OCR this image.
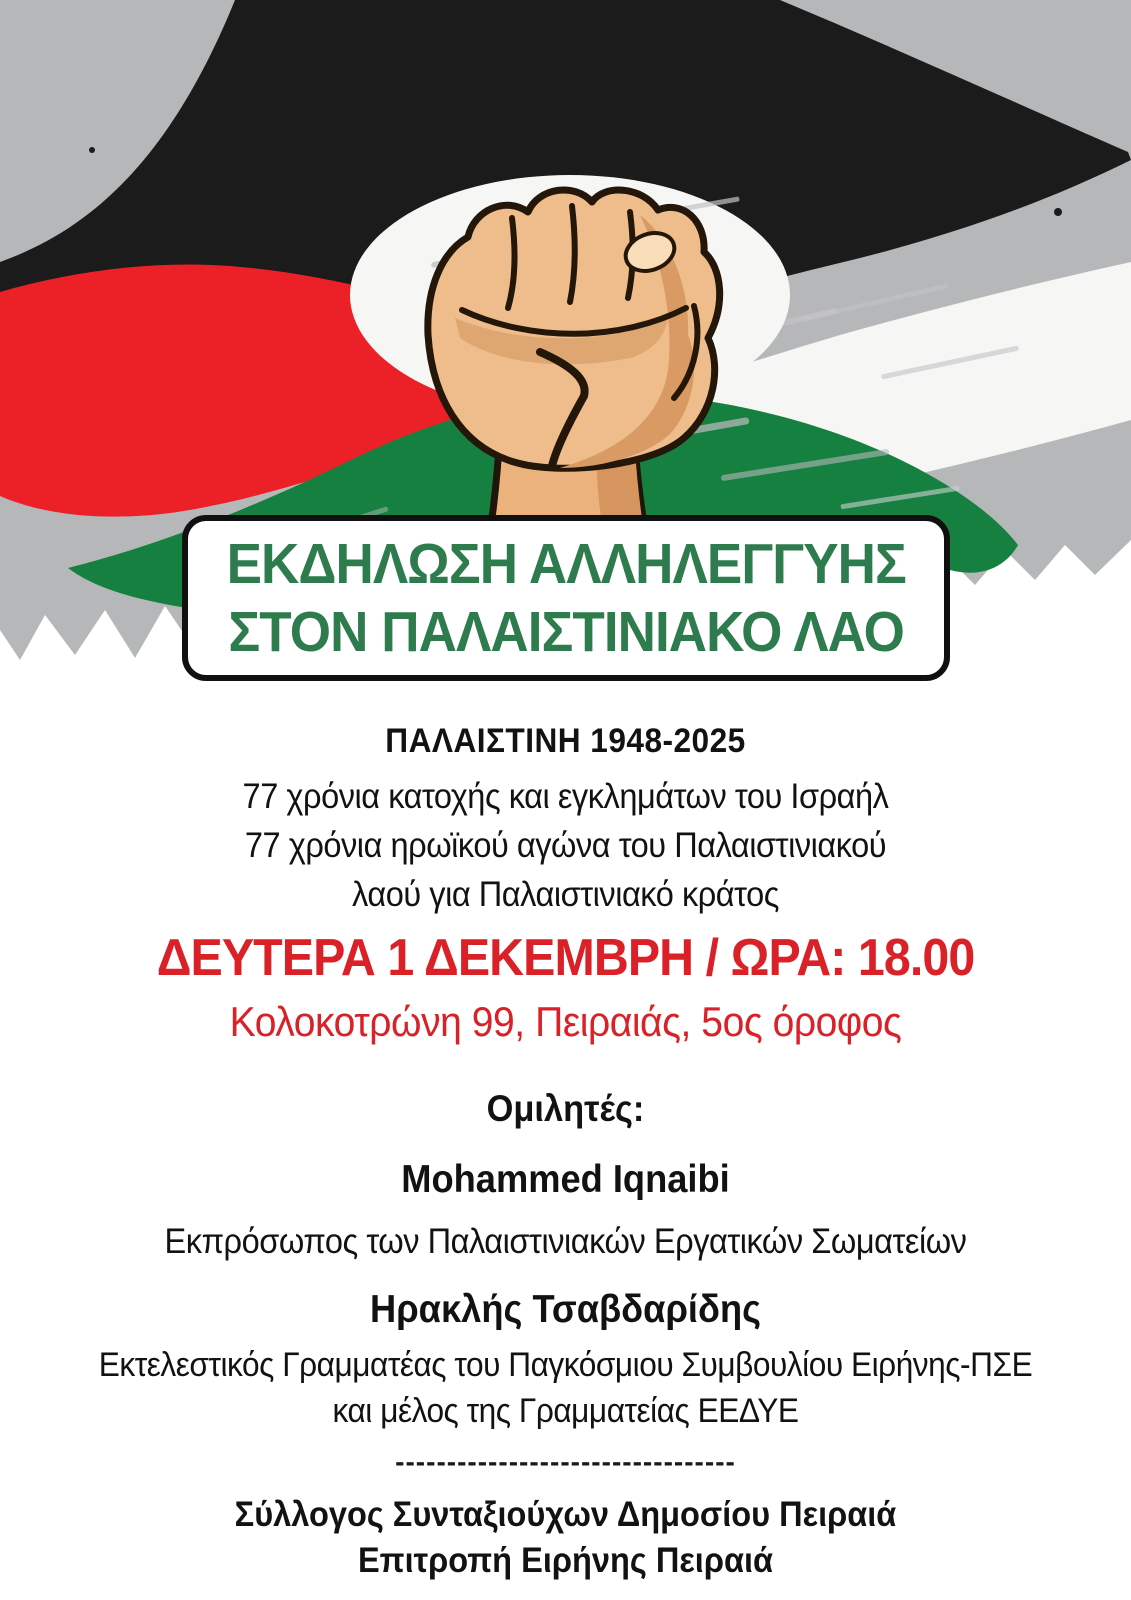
ΕΚΔΗΛΩΣΗ ΑΛΛΗΛΕΓΓΥΗΣ
ΣΤΟΝ ΠΑΛΑΙΣΤΙΝΙΑΚΟ ΛΑΟ
ΠΑΛΑΙΣΤΙΝΗ 1948-2025
77 χρόνια κατοχής και εγκλημάτων του Ισραήλ
77 χρόνια ηρωϊκού αγώνα του Παλαιστινιακού
λαού για Παλαιστινιακό κράτος
ΔΕΥΤΕΡΑ 1 ΔΕΚΕΜΒΡΗ / ΩΡΑ: 18.00
Κολοκοτρώνη 99, Πειραιάς, 5ος όροφος
Ομιλητές:
Mohammed Iqnaibi
Εκπρόσωπος των Παλαιστινιακών Εργατικών Σωματείων
Ηρακλής Τσαβδαρίδης
Εκτελεστικός Γραμματέας του Παγκόσμιου Συμβουλίου Ειρήνης-ΠΣΕ
και μέλος της Γραμματείας ΕΕΔΥΕ
---------------------------------
Σύλλογος Συνταξιούχων Δημοσίου Πειραιά
Επιτροπή Ειρήνης Πειραιά
